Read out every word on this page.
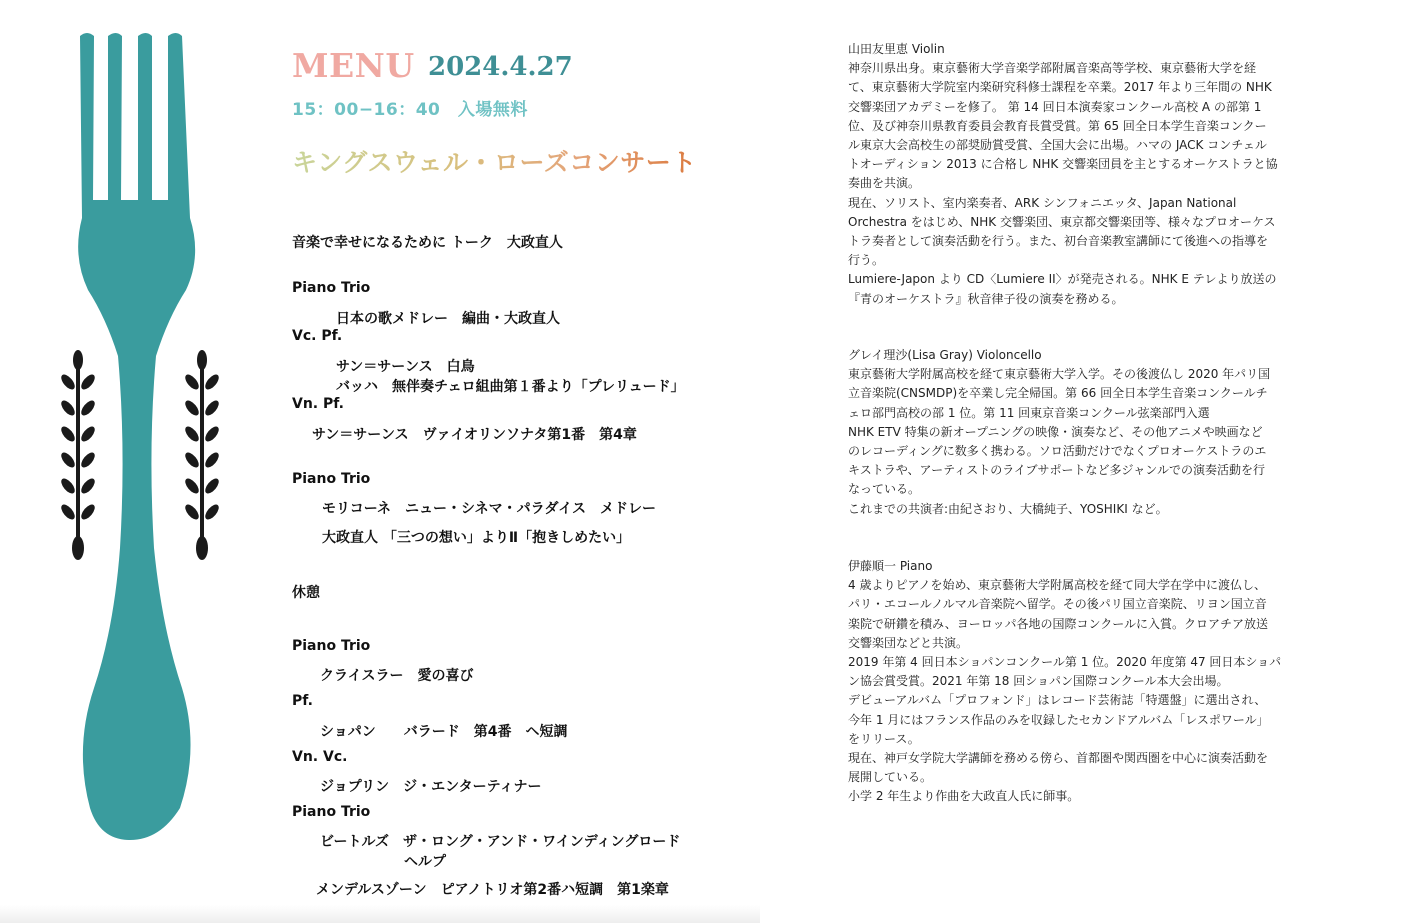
MENU 2024.4.27
15：00−16：40　入場無料
キングスウェル・ローズコンサート
音楽で幸せになるために トーク　大政直人
Piano Trio
日本の歌メドレー　編曲・大政直人
Vc. Pf.
サン＝サーンス　白鳥
バッハ　無伴奏チェロ組曲第１番より「プレリュード」
Vn. Pf.
サン＝サーンス　ヴァイオリンソナタ第1番　第4章
Piano Trio
モリコーネ　ニュー・シネマ・パラダイス　メドレー
大政直人 「三つの想い」よりⅡ「抱きしめたい」
休憩
Piano Trio
クライスラー　愛の喜び
Pf.
ショパン　　バラード　第4番　ヘ短調
Vn. Vc.
ジョプリン　ジ・エンターティナー
Piano Trio
ビートルズ　ザ・ロング・アンド・ワインディングロード
ヘルプ
メンデルスゾーン　ピアノトリオ第2番ハ短調　第1楽章

山田友里恵 Violin

神奈川県出身。東京藝術大学音楽学部附属音楽高等学校、東京藝術大学を経

て、東京藝術大学院室内楽研究科修士課程を卒業。2017 年より三年間の NHK

交響楽団アカデミーを修了。 第 14 回日本演奏家コンクール高校 A の部第 1

位、及び神奈川県教育委員会教育長賞受賞。第 65 回全日本学生音楽コンクー

ル東京大会高校生の部奨励賞受賞、全国大会に出場。ハマの JACK コンチェル

トオーディション 2013 に合格し NHK 交響楽団員を主とするオーケストラと協

奏曲を共演。

現在、ソリスト、室内楽奏者、ARK シンフォニエッタ、Japan National

Orchestra をはじめ、NHK 交響楽団、東京都交響楽団等、様々なプロオーケス

トラ奏者として演奏活動を行う。また、初台音楽教室講師にて後進への指導を

行う。

Lumiere-Japon より CD〈Lumiere II〉が発売される。NHK E テレより放送の

『青のオーケストラ』秋音律子役の演奏を務める。

グレイ理沙(Lisa Gray) Violoncello

東京藝術大学附属高校を経て東京藝術大学入学。その後渡仏し 2020 年パリ国

立音楽院(CNSMDP)を卒業し完全帰国。第 66 回全日本学生音楽コンクールチ

ェロ部門高校の部 1 位。第 11 回東京音楽コンクール弦楽部門入選

NHK ETV 特集の新オープニングの映像・演奏など、その他アニメや映画など

のレコーディングに数多く携わる。ソロ活動だけでなくプロオーケストラのエ

キストラや、アーティストのライブサポートなど多ジャンルでの演奏活動を行

なっている。

これまでの共演者:由紀さおり、大橋純子、YOSHIKI など。

伊藤順一 Piano

4 歳よりピアノを始め、東京藝術大学附属高校を経て同大学在学中に渡仏し、

パリ・エコールノルマル音楽院へ留学。その後パリ国立音楽院、リヨン国立音

楽院で研鑽を積み、ヨーロッパ各地の国際コンクールに入賞。クロアチア放送

交響楽団などと共演。

2019 年第 4 回日本ショパンコンクール第 1 位。2020 年度第 47 回日本ショパ

ン協会賞受賞。2021 年第 18 回ショパン国際コンクール本大会出場。

デビューアルバム「プロフォンド」はレコード芸術誌「特選盤」に選出され、

今年 1 月にはフランス作品のみを収録したセカンドアルバム「レスポワール」

をリリース。

現在、神戸女学院大学講師を務める傍ら、首都圏や関西圏を中心に演奏活動を

展開している。

小学 2 年生より作曲を大政直人氏に師事。
